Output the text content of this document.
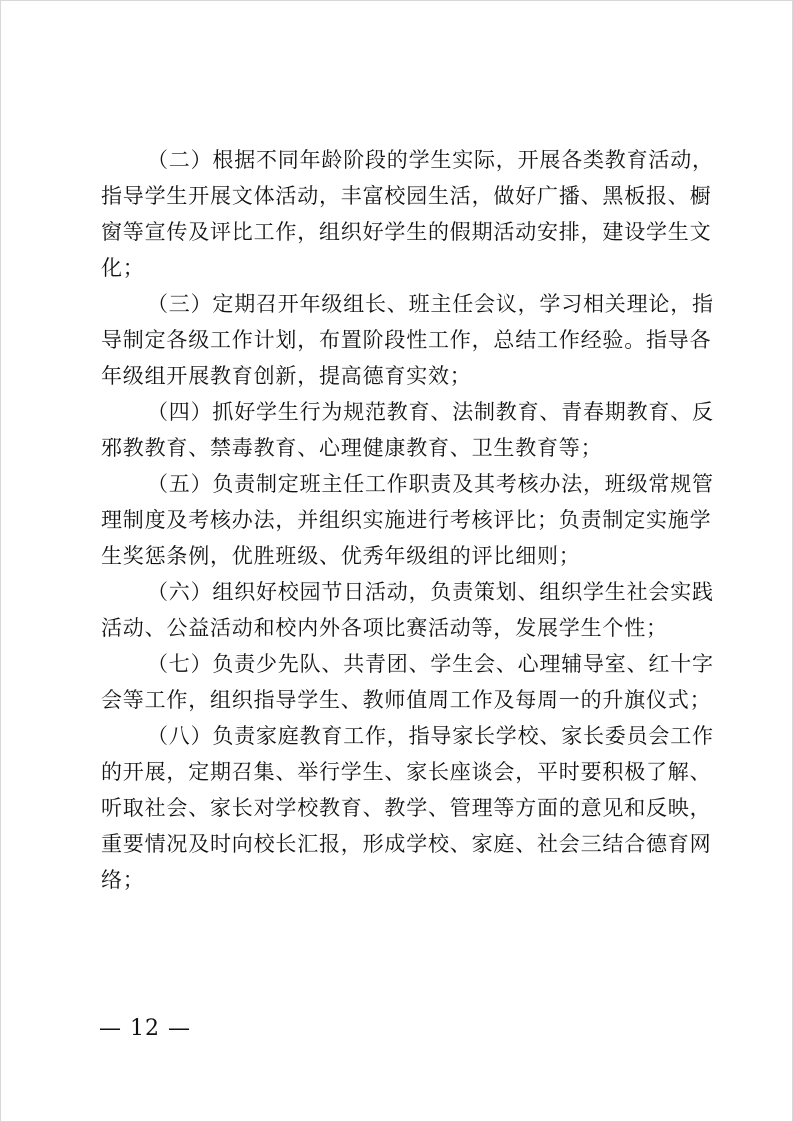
（二）根据不同年龄阶段的学生实际，开展各类教育活动，

指导学生开展文体活动，丰富校园生活，做好广播、黑板报、橱

窗等宣传及评比工作，组织好学生的假期活动安排，建设学生文

化；

（三）定期召开年级组长、班主任会议，学习相关理论，指

导制定各级工作计划，布置阶段性工作，总结工作经验。指导各

年级组开展教育创新，提高德育实效；

（四）抓好学生行为规范教育、法制教育、青春期教育、反

邪教教育、禁毒教育、心理健康教育、卫生教育等；

（五）负责制定班主任工作职责及其考核办法，班级常规管

理制度及考核办法，并组织实施进行考核评比；负责制定实施学

生奖惩条例，优胜班级、优秀年级组的评比细则；

（六）组织好校园节日活动，负责策划、组织学生社会实践

活动、公益活动和校内外各项比赛活动等，发展学生个性；

（七）负责少先队、共青团、学生会、心理辅导室、红十字

会等工作，组织指导学生、教师值周工作及每周一的升旗仪式；

（八）负责家庭教育工作，指导家长学校、家长委员会工作

的开展，定期召集、举行学生、家长座谈会，平时要积极了解、

听取社会、家长对学校教育、教学、管理等方面的意见和反映，

重要情况及时向校长汇报，形成学校、家庭、社会三结合德育网

络；

— 12 —
